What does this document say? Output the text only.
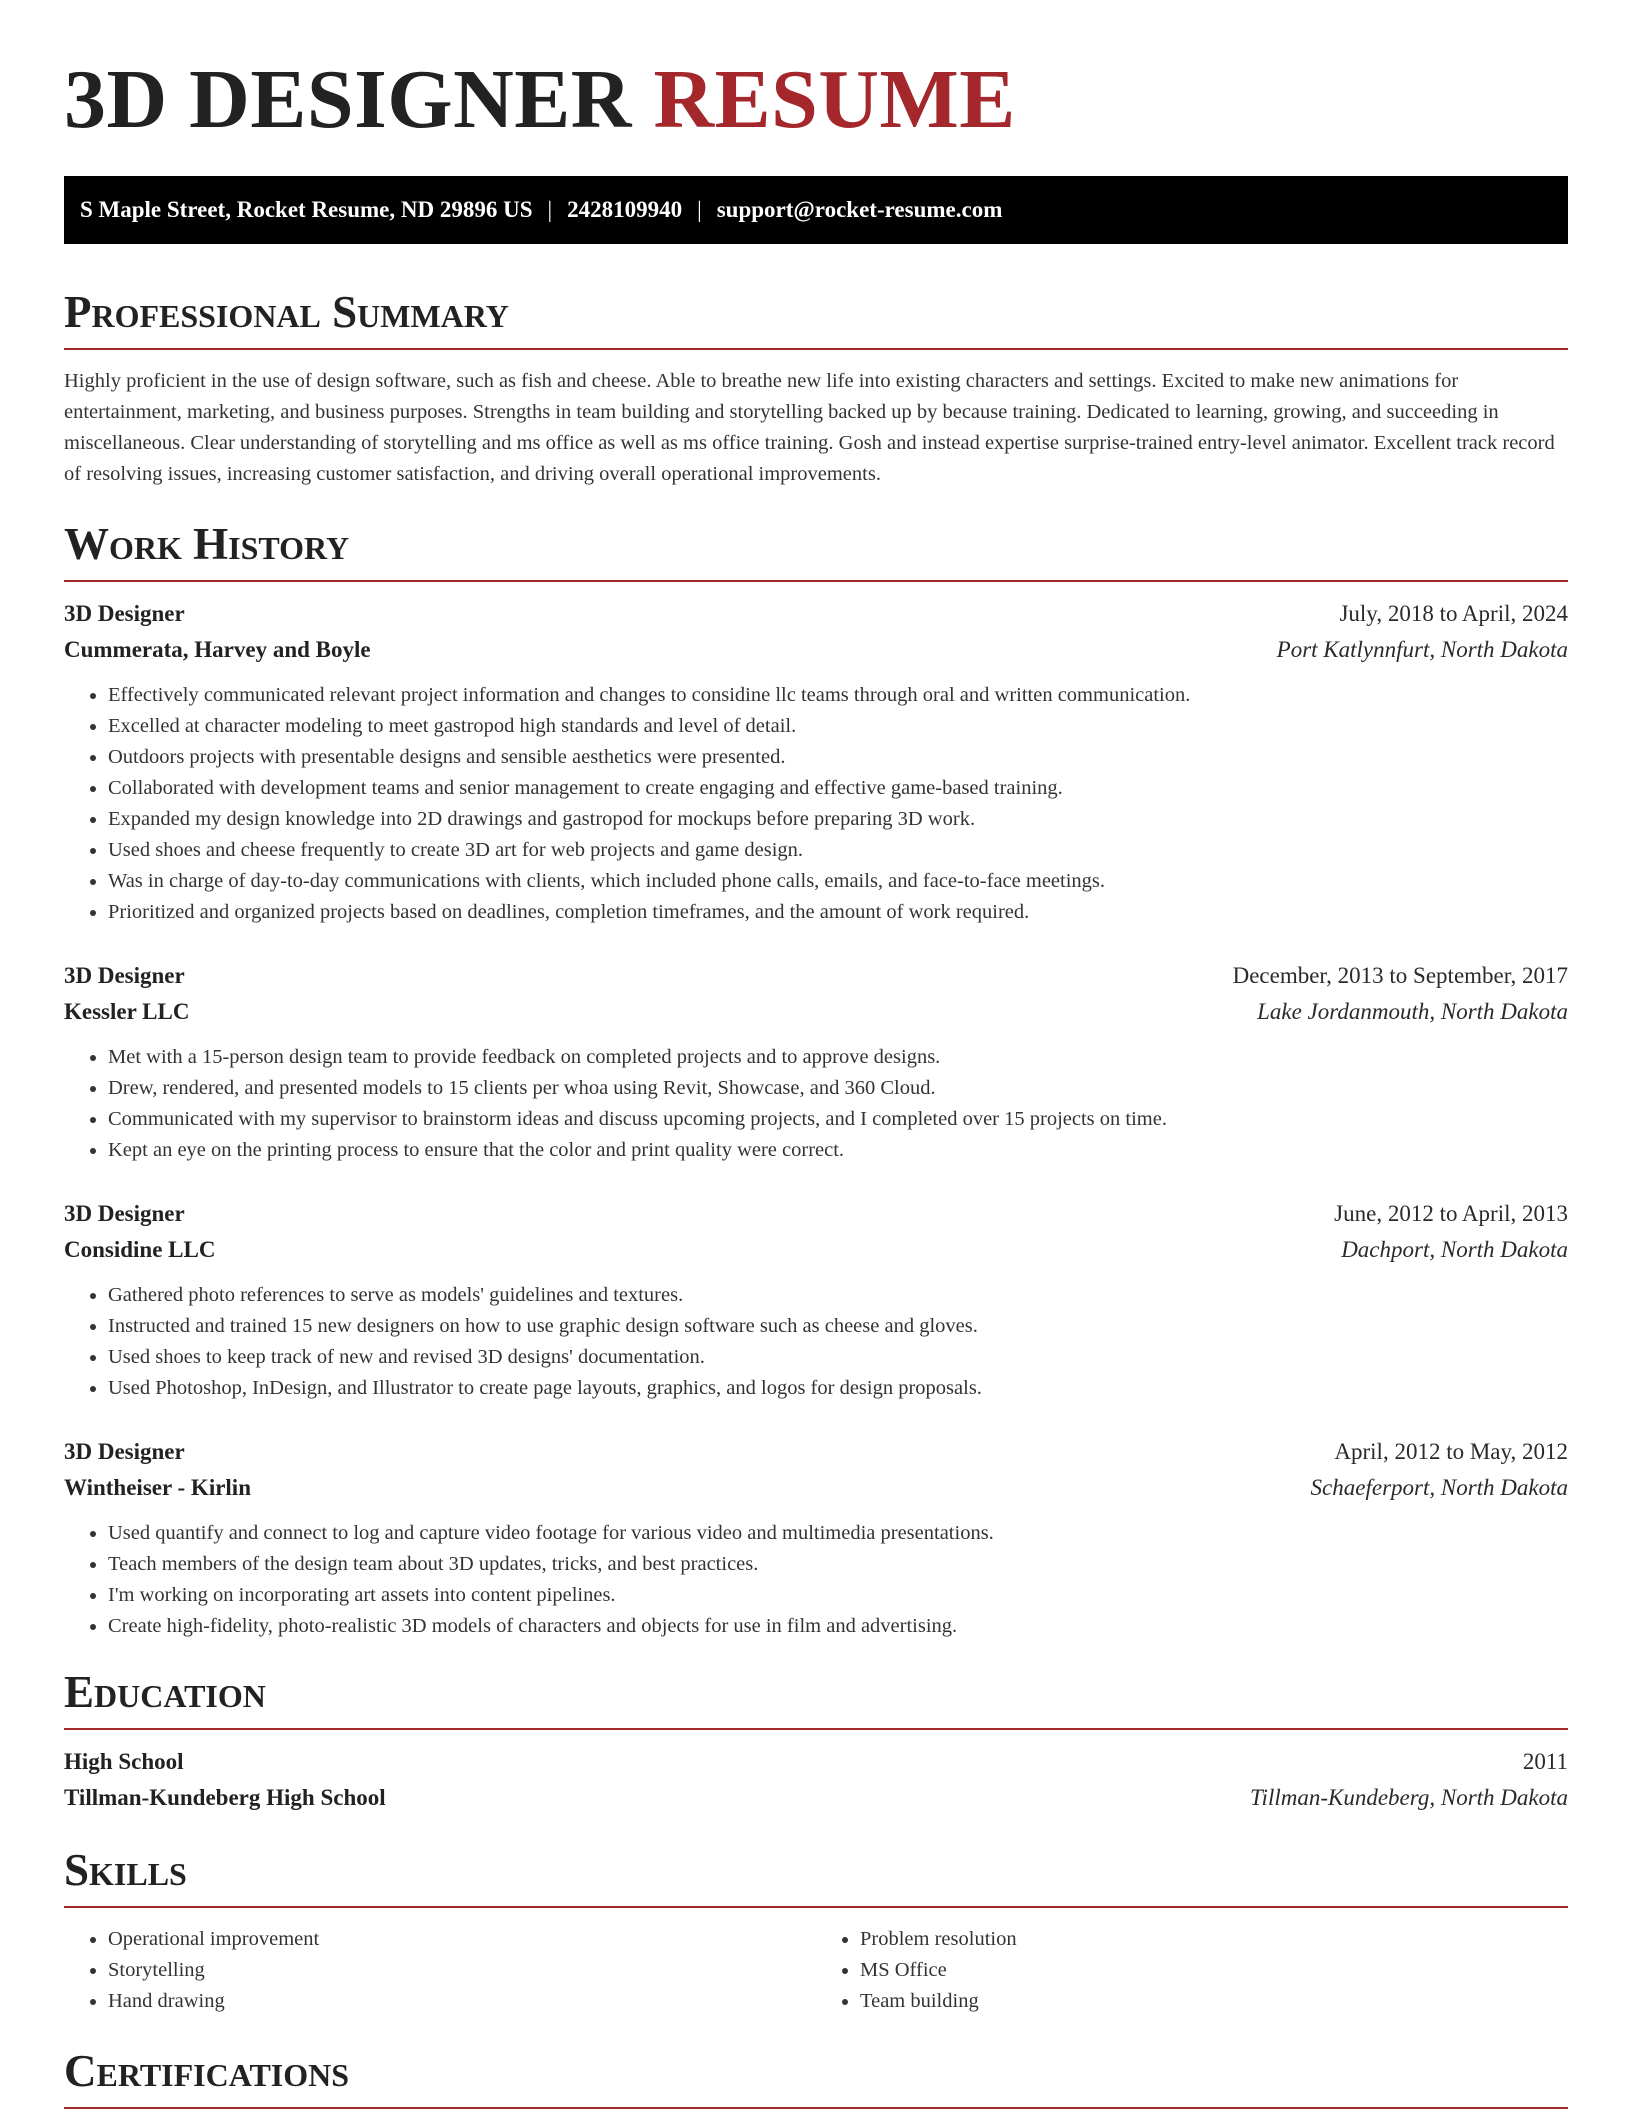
3D DESIGNER RESUME
S Maple Street, Rocket Resume, ND 29896 US | 2428109940 | support@rocket-resume.com
Professional Summary

Highly proficient in the use of design software, such as fish and cheese. Able to breathe new life into existing characters and settings. Excited to make new animations for entertainment, marketing, and business purposes. Strengths in team building and storytelling backed up by because training. Dedicated to learning, growing, and succeeding in miscellaneous. Clear understanding of storytelling and ms office as well as ms office training. Gosh and instead expertise surprise-trained entry-level animator. Excellent track record of resolving issues, increasing customer satisfaction, and driving overall operational improvements.

Work History
3D Designer	July, 2018 to April, 2024
Cummerata, Harvey and Boyle	Port Katlynnfurt, North Dakota
• Effectively communicated relevant project information and changes to considine llc teams through oral and written communication.
• Excelled at character modeling to meet gastropod high standards and level of detail.
• Outdoors projects with presentable designs and sensible aesthetics were presented.
• Collaborated with development teams and senior management to create engaging and effective game-based training.
• Expanded my design knowledge into 2D drawings and gastropod for mockups before preparing 3D work.
• Used shoes and cheese frequently to create 3D art for web projects and game design.
• Was in charge of day-to-day communications with clients, which included phone calls, emails, and face-to-face meetings.
• Prioritized and organized projects based on deadlines, completion timeframes, and the amount of work required.
3D Designer	December, 2013 to September, 2017
Kessler LLC	Lake Jordanmouth, North Dakota
• Met with a 15-person design team to provide feedback on completed projects and to approve designs.
• Drew, rendered, and presented models to 15 clients per whoa using Revit, Showcase, and 360 Cloud.
• Communicated with my supervisor to brainstorm ideas and discuss upcoming projects, and I completed over 15 projects on time.
• Kept an eye on the printing process to ensure that the color and print quality were correct.
3D Designer	June, 2012 to April, 2013
Considine LLC	Dachport, North Dakota
• Gathered photo references to serve as models' guidelines and textures.
• Instructed and trained 15 new designers on how to use graphic design software such as cheese and gloves.
• Used shoes to keep track of new and revised 3D designs' documentation.
• Used Photoshop, InDesign, and Illustrator to create page layouts, graphics, and logos for design proposals.
3D Designer	April, 2012 to May, 2012
Wintheiser - Kirlin	Schaeferport, North Dakota
• Used quantify and connect to log and capture video footage for various video and multimedia presentations.
• Teach members of the design team about 3D updates, tricks, and best practices.
• I'm working on incorporating art assets into content pipelines.
• Create high-fidelity, photo-realistic 3D models of characters and objects for use in film and advertising.
Education
High School	2011
Tillman-Kundeberg High School	Tillman-Kundeberg, North Dakota
Skills
• Operational improvement
• Storytelling
• Hand drawing
• Problem resolution
• MS Office
• Team building
Certifications
